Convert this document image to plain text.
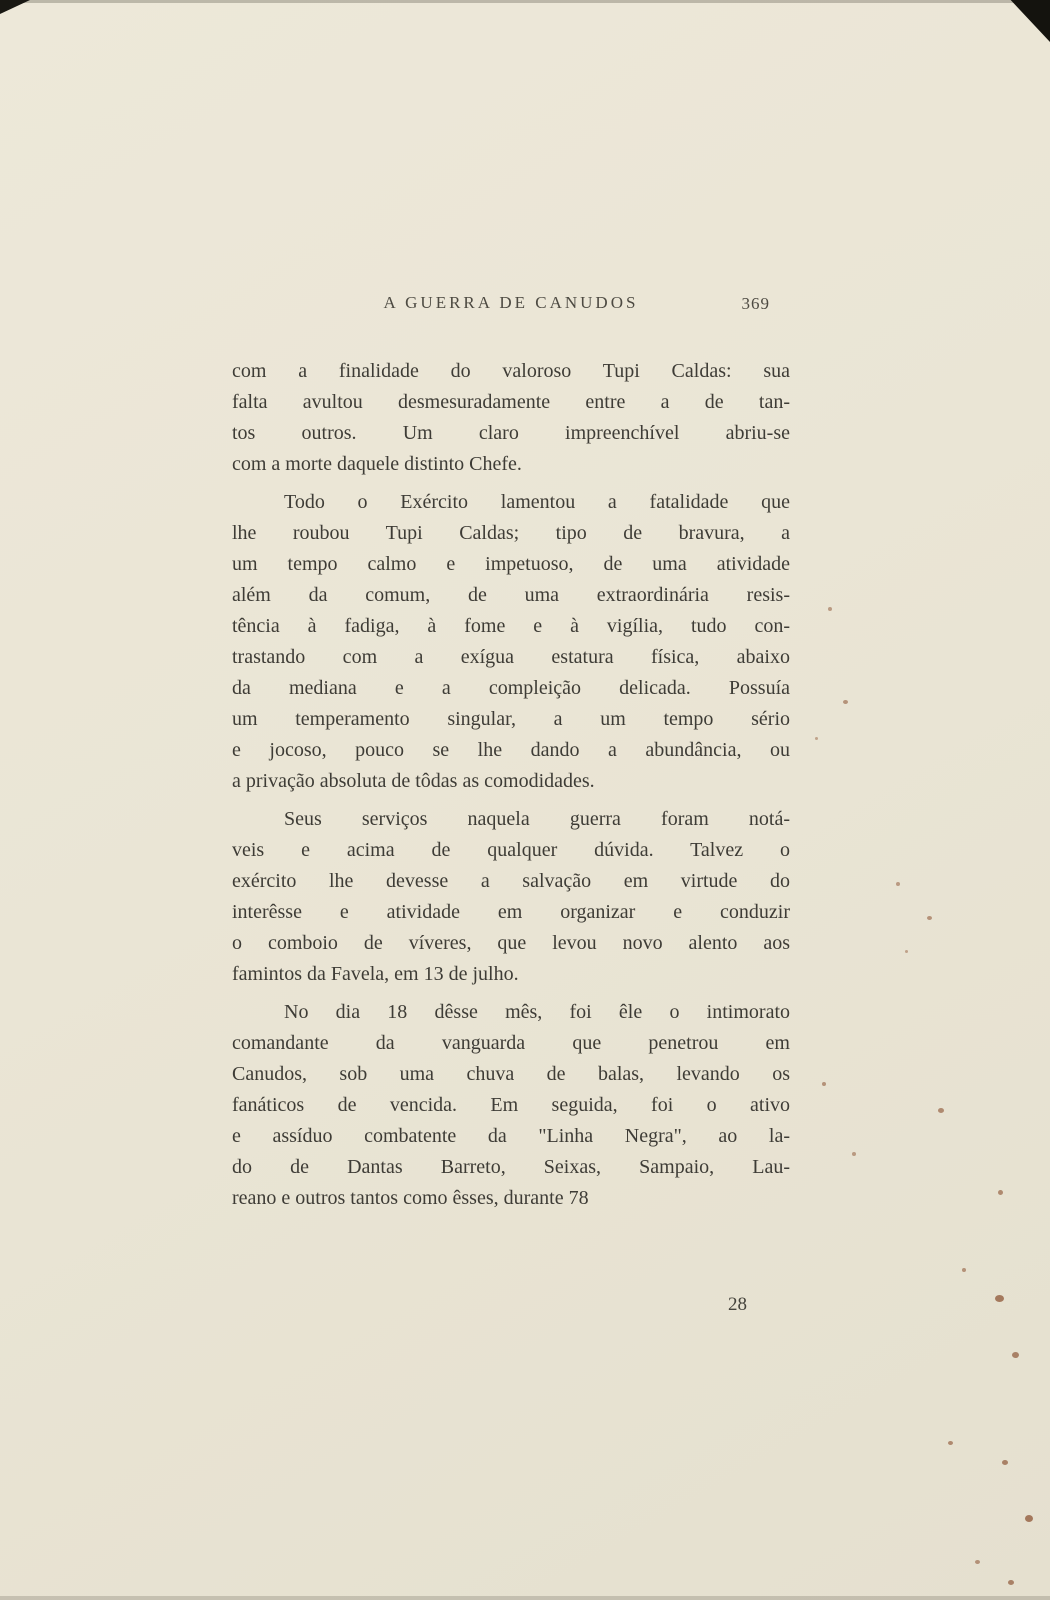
A GUERRA DE CANUDOS	369
com a finalidade do valoroso Tupi Caldas: sua
falta avultou desmesuradamente entre a de tan-
tos outros. Um claro impreenchível abriu-se
com a morte daquele distinto Chefe.
Todo o Exército lamentou a fatalidade que
lhe roubou Tupi Caldas; tipo de bravura, a
um tempo calmo e impetuoso, de uma atividade
além da comum, de uma extraordinária resis-
tência à fadiga, à fome e à vigília, tudo con-
trastando com a exígua estatura física, abaixo
da mediana e a compleição delicada. Possuía
um temperamento singular, a um tempo sério
e jocoso, pouco se lhe dando a abundância, ou
a privação absoluta de tôdas as comodidades.
Seus serviços naquela guerra foram notá-
veis e acima de qualquer dúvida. Talvez o
exército lhe devesse a salvação em virtude do
interêsse e atividade em organizar e conduzir
o comboio de víveres, que levou novo alento aos
famintos da Favela, em 13 de julho.
No dia 18 dêsse mês, foi êle o intimorato
comandante da vanguarda que penetrou em
Canudos, sob uma chuva de balas, levando os
fanáticos de vencida. Em seguida, foi o ativo
e assíduo combatente da "Linha Negra", ao la-
do de Dantas Barreto, Seixas, Sampaio, Lau-
reano e outros tantos como êsses, durante 78
28
